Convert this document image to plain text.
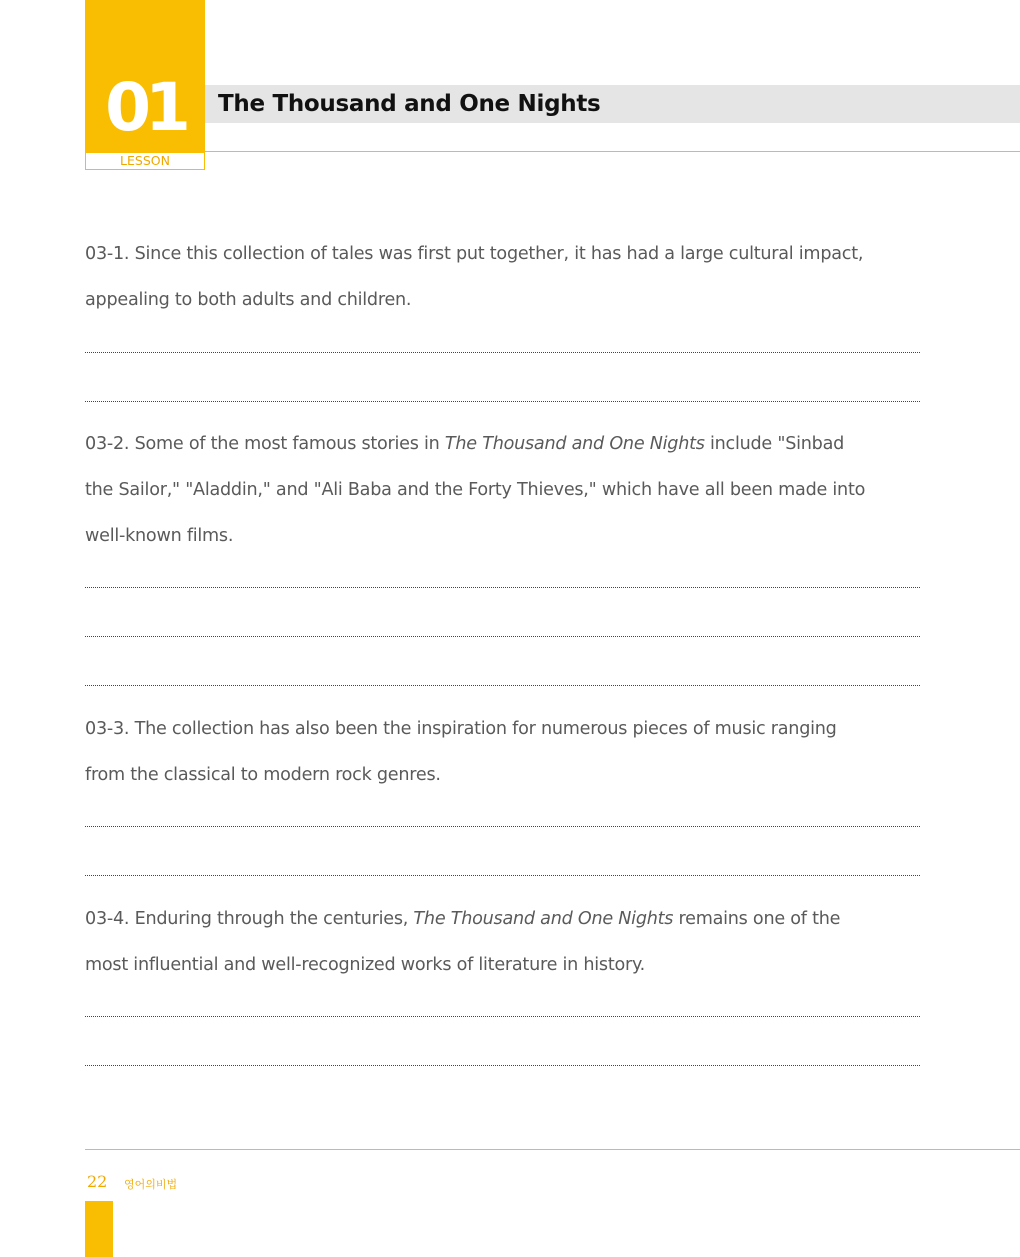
01
LESSON
The Thousand and One Nights
03-1. Since this collection of tales was first put together, it has had a large cultural impact,
appealing to both adults and children.
03-2. Some of the most famous stories in The Thousand and One Nights include "Sinbad
the Sailor," "Aladdin," and "Ali Baba and the Forty Thieves," which have all been made into
well-known films.
03-3. The collection has also been the inspiration for numerous pieces of music ranging
from the classical to modern rock genres.
03-4. Enduring through the centuries, The Thousand and One Nights remains one of the
most influential and well-recognized works of literature in history.
22 영어의비법
